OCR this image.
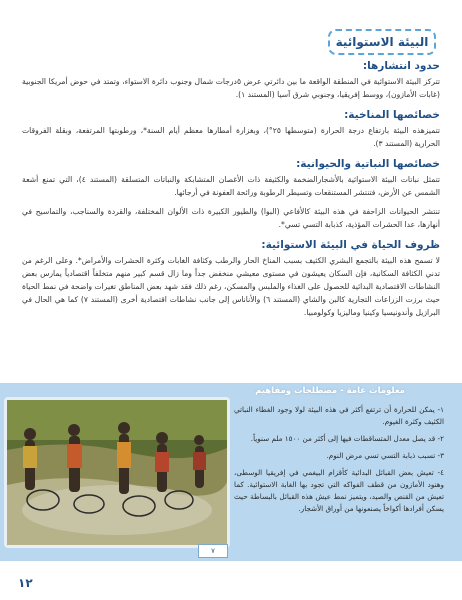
البيئة الاستوائية
حدود انتشارها:

تتركز البيئة الاستوائية في المنطقة الواقعة ما بين دائرتي عرض ٥درجات شمال وجنوب دائرة الاستواء، وتمتد في حوض أمريكا الجنوبية (غابات الأمازون)، ووسط إفريقيا، وجنوبي شرق آسيا (المستند ١).

خصائصها المناخية:

تتميزهذه البيئة بارتفاع درجة الحرارة (متوسطها ٢٥°)، وبغزارة أمطارها معظم أيام السنة*، ورطوبتها المرتفعة، وبقلة الفروقات الحرارية (المستند ٣).

خصائصها النباتية والحيوانية:

تتمثل نباتات البيئة الاستوائية بالأشجارالضخمة والكثيفة ذات الأغصان المتشابكة والنباتات المتسلقة (المستند ٤)، التي تمنع أشعة الشمس عن الأرض، فتنتشر المستنقعات وتسيطر الرطوبة ورائحة العفونة في أرجائها.

تنتشر الحيوانات الزاحفة في هذه البيئة كالأفاعي (البوا) والطيور الكبيرة ذات الألوان المختلفة، والقردة والسناجب، والتماسيح في أنهارها، عدا الحشرات المؤذية، كذبابة التسي تسي*.

ظروف الحياة في البيئة الاستوائية:

لا تسمح هذه البيئة بالتجمع البشري الكثيف بسبب المناخ الحار والرطب وكثافة الغابات وكثرة الحشرات والأمراض*. وعلى الرغم من تدني الكثافة السكانية، فإن السكان يعيشون في مستوى معيشي منخفض جداً وما زال قسم كبير منهم متخلفاً اقتصادياً يمارس بعض النشاطات الاقتصادية البدائية للحصول على الغذاء والملبس والمسكن، رغم ذلك فقد شهد بعض المناطق تغيرات واضحة في نمط الحياة حيث برزت الزراعات التجارية كالبن والشاي (المستند ٦) والأناناس إلى جانب نشاطات اقتصادية أخرى (المستند ٧) كما هي الحال في البرازيل وأندونيسيا وكينيا وماليزيا وكولومبيا.

معلومات عامة - مصطلحات ومفاهيم
٧

١- يمكن للحرارة أن ترتفع أكثر في هذه البيئة لولا وجود الغطاء النباتي الكثيف وكثرة الغيوم.

٢- قد يصل معدل المتساقطات فيها إلى أكثر من ١٥٠٠ ملم سنوياً.

٣- تسبب ذبابة التسي تسي مرض النوم.

٤- تعيش بعض القبائل البدائية كأقزام البيغمي في إفريقيا الوسطى، وهنود الأمازون من قطف الفواكه التي تجود بها الغابة الاستوائية. كما تعيش من القنص والصيد، ويتميز نمط عيش هذه القبائل بالبساطة حيث يسكن أفرادها أكواخاً يصنعونها من أوراق الأشجار.

١٢
